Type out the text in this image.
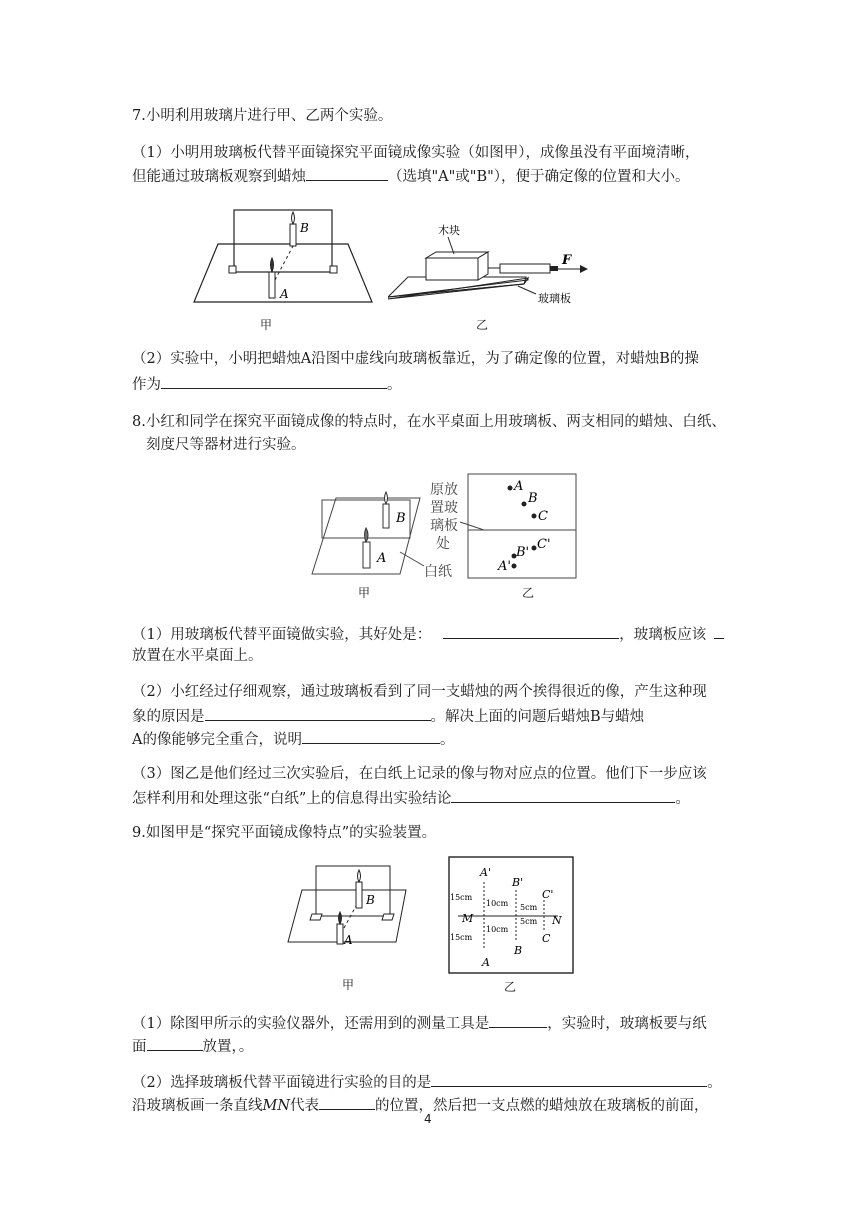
7.小明利用玻璃片进行甲、乙两个实验。
（1）小明用玻璃板代替平面镜探究平面镜成像实验（如图甲），成像虽没有平面境清晰，
但能通过玻璃板观察到蜡烛	（选填"A"或"B"），便于确定像的位置和大小。
B
A
甲
F
木块
玻璃板
乙
（2）实验中，小明把蜡烛A沿图中虚线向玻璃板靠近，为了确定像的位置，对蜡烛B的操
作为	。
8.小红和同学在探究平面镜成像的特点时，在水平桌面上用玻璃板、两支相同的蜡烛、白纸、
刻度尺等器材进行实验。
B
A
原放
置玻
璃板
处
白纸
A
B
C
A'
B'
C'
甲	乙
（1）用玻璃板代替平面镜做实验，其好处是：	，玻璃板应该
放置在水平桌面上。
（2）小红经过仔细观察，通过玻璃板看到了同一支蜡烛的两个挨得很近的像，产生这种现
象的原因是	。解决上面的问题后蜡烛B与蜡烛
A的像能够完全重合，说明	。
（3）图乙是他们经过三次实验后，在白纸上记录的像与物对应点的位置。他们下一步应该
怎样利用和处理这张“白纸”上的信息得出实验结论	。
9.如图甲是“探究平面镜成像特点”的实验装置。
B
A
甲
A'
B'
C'
M	N
C
B
A
15cm
15cm
10cm
10cm
5cm
5cm
乙
（1）除图甲所示的实验仪器外，还需用到的测量工具是	，实验时，玻璃板要与纸
面	放置，。
（2）选择玻璃板代替平面镜进行实验的目的是	。
沿玻璃板画一条直线MN代表	的位置，然后把一支点燃的蜡烛放在玻璃板的前面，
4
